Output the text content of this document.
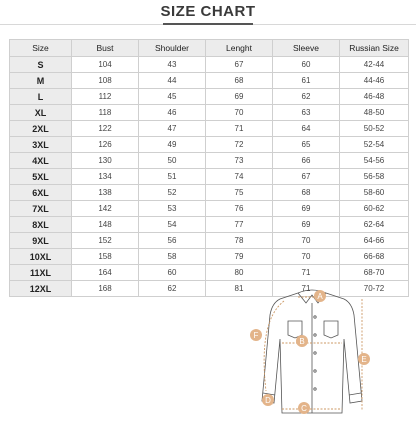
SIZE CHART
Size	Bust	Shoulder	Lenght	Sleeve	Russian Size
S	104	43	67	60	42-44
M	108	44	68	61	44-46
L	112	45	69	62	46-48
XL	118	46	70	63	48-50
2XL	122	47	71	64	50-52
3XL	126	49	72	65	52-54
4XL	130	50	73	66	54-56
5XL	134	51	74	67	56-58
6XL	138	52	75	68	58-60
7XL	142	53	76	69	60-62
8XL	148	54	77	69	62-64
9XL	152	56	78	70	64-66
10XL	158	58	79	70	66-68
11XL	164	60	80	71	68-70
12XL	168	62	81	71	70-72
A
B
C
D
E
F
